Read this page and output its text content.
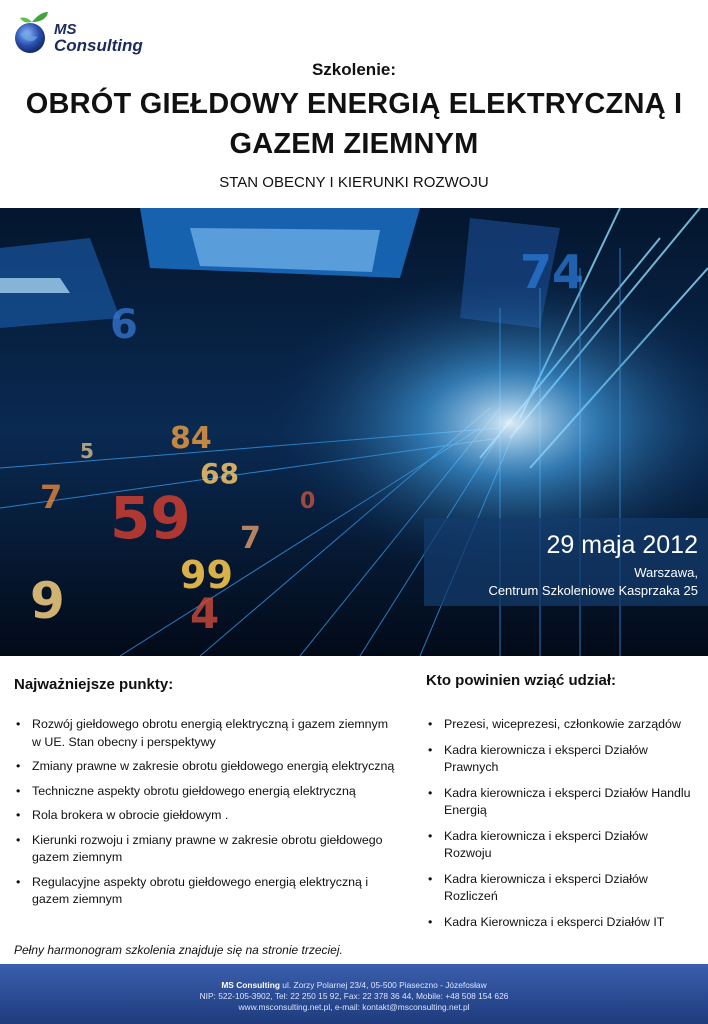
MS
Consulting
Szkolenie:
OBRÓT GIEŁDOWY ENERGIĄ ELEKTRYCZNĄ I GAZEM ZIEMNYM
STAN OBECNY I KIERUNKI ROZWOJU
74
6
84
68
7 59
99
9	4
7
0
5
29 maja 2012
Warszawa,
Centrum Szkoleniowe Kasprzaka 25
Najważniejsze punkty:
• Rozwój giełdowego obrotu energią elektryczną i gazem ziemnym w UE. Stan obecny i perspektywy
• Zmiany prawne w zakresie obrotu giełdowego energią elektryczną
• Techniczne aspekty obrotu giełdowego energią elektryczną
• Rola brokera w obrocie giełdowym .
• Kierunki rozwoju i zmiany prawne w zakresie obrotu giełdowego gazem ziemnym
• Regulacyjne aspekty obrotu giełdowego energią elektryczną i gazem ziemnym
Kto powinien wziąć udział:
• Prezesi, wiceprezesi, członkowie zarządów
• Kadra kierownicza i eksperci Działów Prawnych
• Kadra kierownicza i eksperci Działów Handlu Energią
• Kadra kierownicza i eksperci Działów Rozwoju
• Kadra kierownicza i eksperci Działów Rozliczeń
• Kadra Kierownicza i eksperci Działów IT
Pełny harmonogram szkolenia znajduje się na stronie trzeciej.
MS Consulting ul. Zorzy Polarnej 23/4, 05-500 Piaseczno - Józefosław
NIP: 522-105-3902, Tel: 22 250 15 92, Fax: 22 378 36 44, Mobile: +48 508 154 626
www.msconsulting.net.pl, e-mail: kontakt@msconsulting.net.pl
